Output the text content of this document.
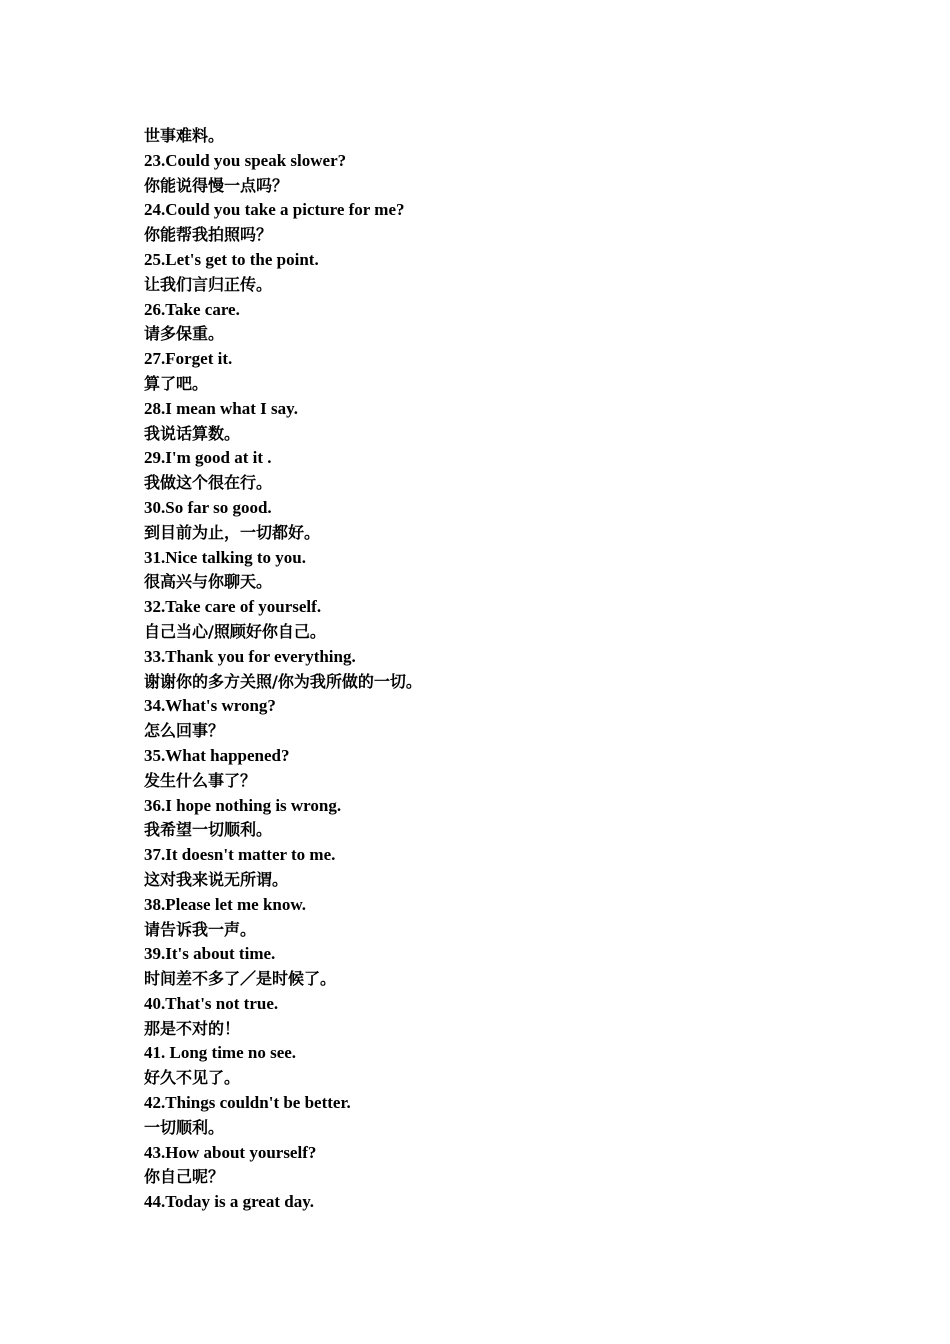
世事难料。
23.Could you speak slower?
你能说得慢一点吗？
24.Could you take a picture for me?
你能帮我拍照吗？
25.Let's get to the point.
让我们言归正传。
26.Take care.
请多保重。
27.Forget it.
算了吧。
28.I mean what I say.
我说话算数。
29.I'm good at it .
我做这个很在行。
30.So far so good.
到目前为止，一切都好。
31.Nice talking to you.
很高兴与你聊天。
32.Take care of yourself.
自己当心/照顾好你自己。
33.Thank you for everything.
谢谢你的多方关照/你为我所做的一切。
34.What's wrong?
怎么回事？
35.What happened?
发生什么事了？
36.I hope nothing is wrong.
我希望一切顺利。
37.It doesn't matter to me.
这对我来说无所谓。
38.Please let me know.
请告诉我一声。
39.It's about time.
时间差不多了／是时候了。
40.That's not true.
那是不对的！
41. Long time no see.
好久不见了。
42.Things couldn't be better.
一切顺利。
43.How about yourself?
你自己呢？
44.Today is a great day.
